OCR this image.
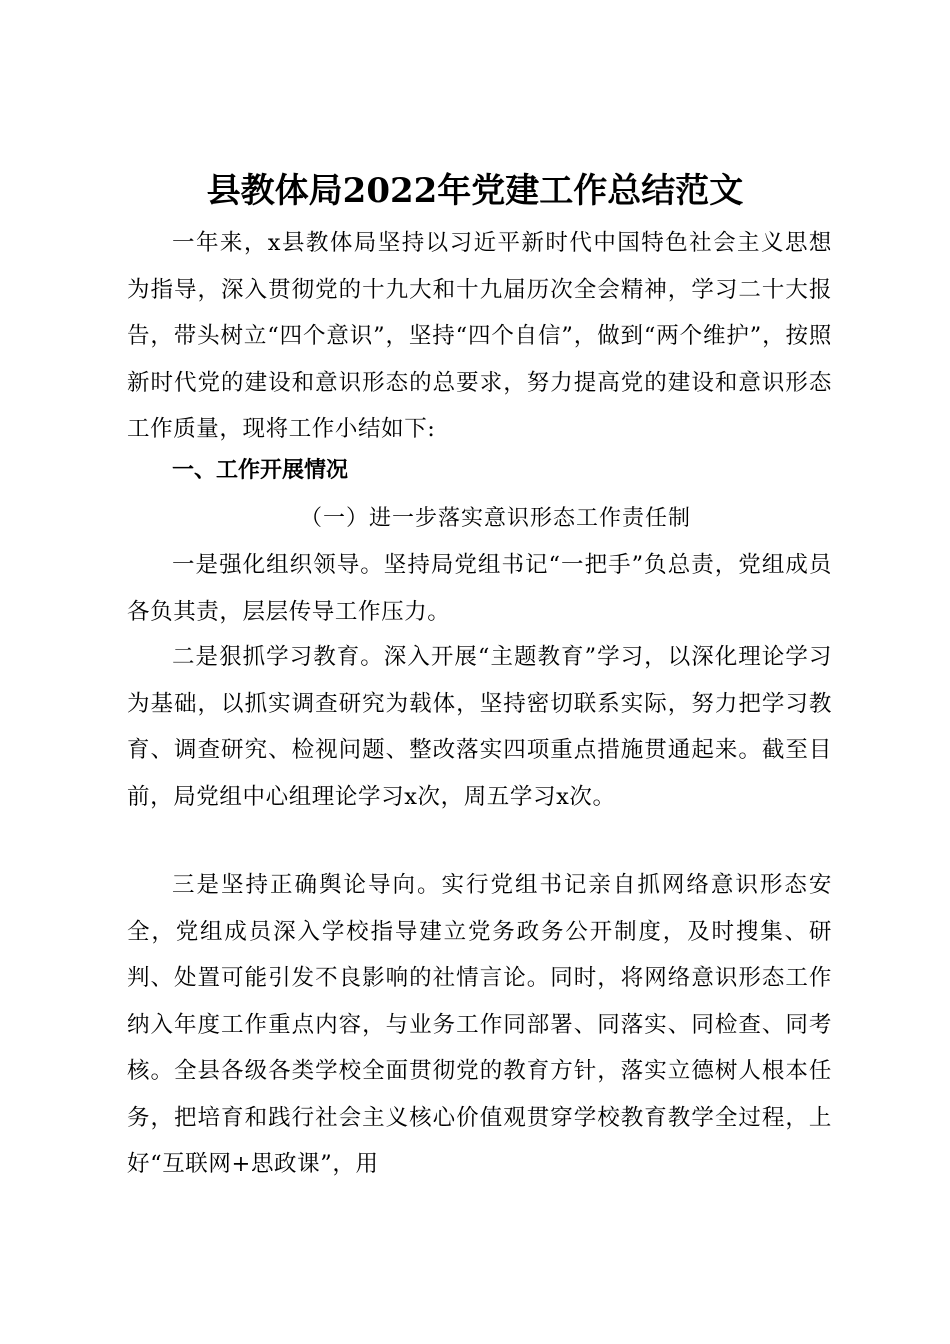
县教体局2022年党建工作总结范文

一年来，x县教体局坚持以习近平新时代中国特色社会主义思想为指导，深入贯彻党的十九大和十九届历次全会精神，学习二十大报告，带头树立“四个意识”，坚持“四个自信”，做到“两个维护”，按照新时代党的建设和意识形态的总要求，努力提高党的建设和意识形态工作质量，现将工作小结如下:

一、工作开展情况
（一）进一步落实意识形态工作责任制

一是强化组织领导。坚持局党组书记“一把手”负总责，党组成员各负其责，层层传导工作压力。

二是狠抓学习教育。深入开展“主题教育”学习，以深化理论学习为基础，以抓实调查研究为载体，坚持密切联系实际，努力把学习教育、调查研究、检视问题、整改落实四项重点措施贯通起来。截至目前，局党组中心组理论学习x次，周五学习x次。

三是坚持正确舆论导向。实行党组书记亲自抓网络意识形态安全，党组成员深入学校指导建立党务政务公开制度，及时搜集、研判、处置可能引发不良影响的社情言论。同时，将网络意识形态工作纳入年度工作重点内容，与业务工作同部署、同落实、同检查、同考核。全县各级各类学校全面贯彻党的教育方针，落实立德树人根本任务，把培育和践行社会主义核心价值观贯穿学校教育教学全过程，上好“互联网+思政课”，用
